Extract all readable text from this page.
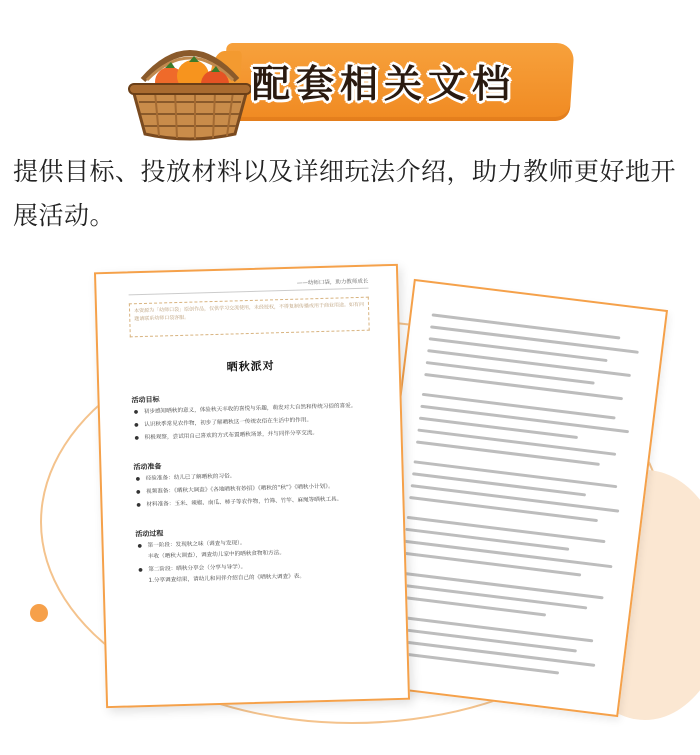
配套相关文档
提供目标、投放材料以及详细玩法介绍，助力教师更好地开展活动。
——幼师口袋，助力教师成长
本资源为「幼师口袋」原创作品，仅供学习交流使用，未经授权，不得复制传播或用于商业用途。如有问题请联系幼师口袋客服。
晒秋派对
活动目标
● 初步感知晒秋的意义，体验秋天丰收的喜悦与乐趣，萌发对大自然和传统习俗的喜爱。
● 认识秋季常见农作物，初步了解晒秋这一传统农俗在生活中的作用。
● 积极观察，尝试用自己喜欢的方式布置晒秋场景，并与同伴分享交流。
活动准备
● 经验准备：幼儿已了解晒秋的习俗。
● 视频准备：《晒秋大调查》《各地晒秋有妙招》《晒秋的“秋”》《晒秋小计划》。
● 材料准备：玉米、辣椒、南瓜、柿子等农作物，竹筛、竹竿、麻绳等晒秋工具。
活动过程
● 第一阶段：发现秋之味（调查与发现）。
丰收（晒秋大调查），调查幼儿家中的晒秋食物和方法。
● 第二阶段：晒秋分享会（分享与导学）。
1.分享调查结果，请幼儿和同伴介绍自己的《晒秋大调查》表。
